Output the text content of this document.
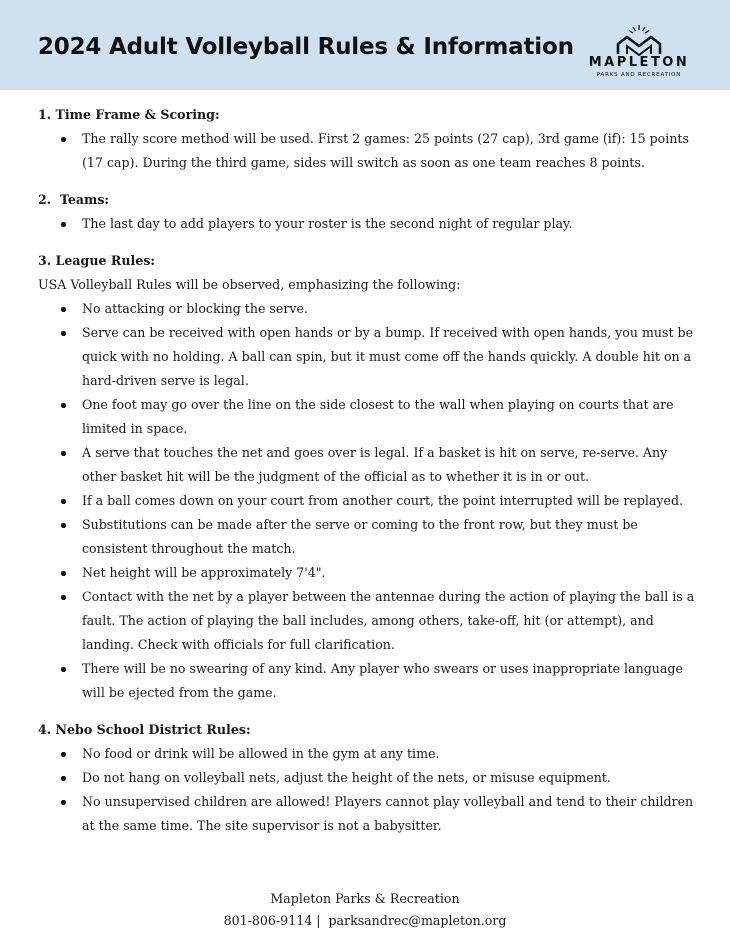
2024 Adult Volleyball Rules & Information
MAPLETON
PARKS AND RECREATION

1. Time Frame & Scoring:

The rally score method will be used. First 2 games: 25 points (27 cap), 3rd game (if): 15 points (17 cap). During the third game, sides will switch as soon as one team reaches 8 points.

2.  Teams:

The last day to add players to your roster is the second night of regular play.

3. League Rules:

USA Volleyball Rules will be observed, emphasizing the following:

No attacking or blocking the serve.
Serve can be received with open hands or by a bump. If received with open hands, you must be quick with no holding. A ball can spin, but it must come off the hands quickly. A double hit on a hard-driven serve is legal.
One foot may go over the line on the side closest to the wall when playing on courts that are limited in space.
A serve that touches the net and goes over is legal. If a basket is hit on serve, re-serve. Any other basket hit will be the judgment of the official as to whether it is in or out.
If a ball comes down on your court from another court, the point interrupted will be replayed.
Substitutions can be made after the serve or coming to the front row, but they must be consistent throughout the match.
Net height will be approximately 7'4".
Contact with the net by a player between the antennae during the action of playing the ball is a fault. The action of playing the ball includes, among others, take-off, hit (or attempt), and landing. Check with officials for full clarification.
There will be no swearing of any kind. Any player who swears or uses inappropriate language will be ejected from the game.

4. Nebo School District Rules:

No food or drink will be allowed in the gym at any time.
Do not hang on volleyball nets, adjust the height of the nets, or misuse equipment.
No unsupervised children are allowed! Players cannot play volleyball and tend to their children at the same time. The site supervisor is not a babysitter.
Mapleton Parks & Recreation
801-806-9114 |  parksandrec@mapleton.org
